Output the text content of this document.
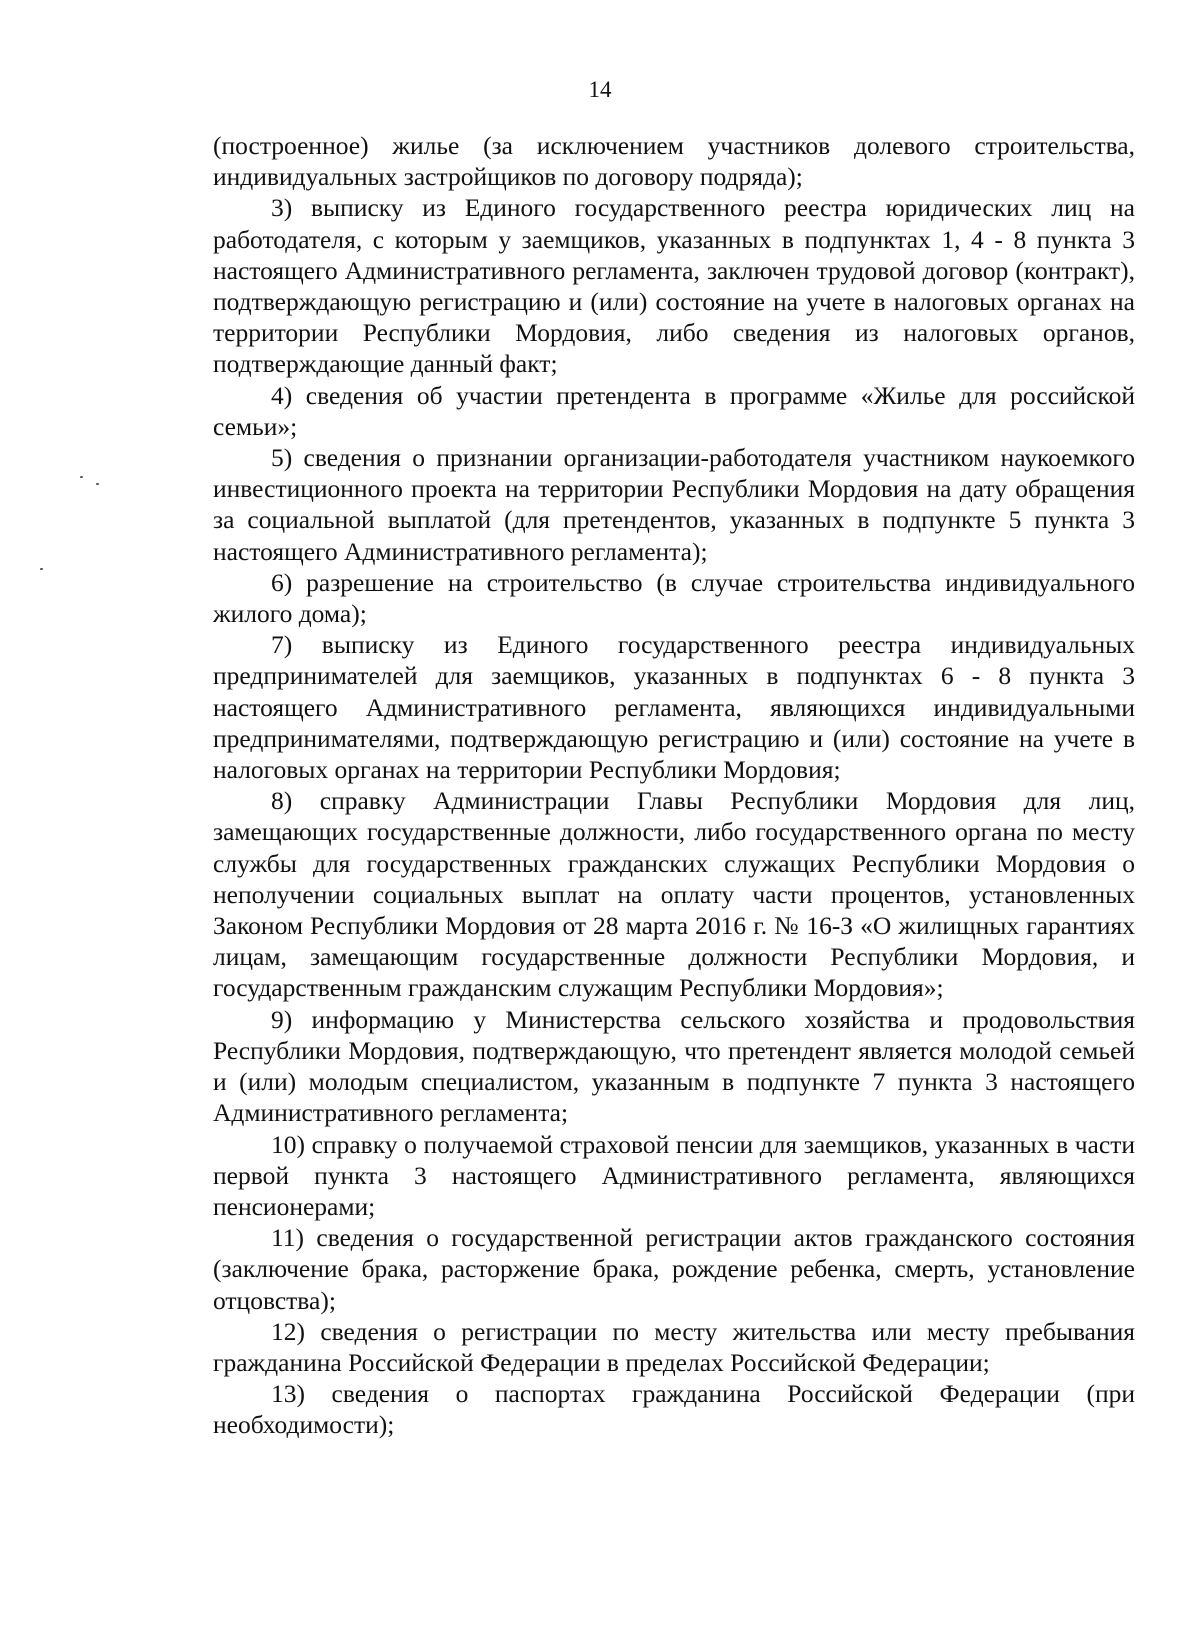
14

(построенное) жилье (за исключением участников долевого строительства, индивидуальных застройщиков по договору подряда);

3) выписку из Единого государственного реестра юридических лиц на работодателя, с которым у заемщиков, указанных в подпунктах 1, 4 - 8 пункта 3 настоящего Административного регламента, заключен трудовой договор (контракт), подтверждающую регистрацию и (или) состояние на учете в налоговых органах на территории Республики Мордовия, либо сведения из налоговых органов, подтверждающие данный факт;

4) сведения об участии претендента в программе «Жилье для российской семьи»;

5) сведения о признании организации-работодателя участником наукоемкого инвестиционного проекта на территории Республики Мордовия на дату обращения за социальной выплатой (для претендентов, указанных в подпункте 5 пункта 3 настоящего Административного регламента);

6) разрешение на строительство (в случае строительства индивидуального жилого дома);

7) выписку из Единого государственного реестра индивидуальных предпринимателей для заемщиков, указанных в подпунктах 6 - 8 пункта 3 настоящего Административного регламента, являющихся индивидуальными предпринимателями, подтверждающую регистрацию и (или) состояние на учете в налоговых органах на территории Республики Мордовия;

8) справку Администрации Главы Республики Мордовия для лиц, замещающих государственные должности, либо государственного органа по месту службы для государственных гражданских служащих Республики Мордовия о неполучении социальных выплат на оплату части процентов, установленных Законом Республики Мордовия от 28 марта 2016 г. № 16-З «О жилищных гарантиях лицам, замещающим государственные должности Республики Мордовия, и государственным гражданским служащим Республики Мордовия»;

9) информацию у Министерства сельского хозяйства и продовольствия Республики Мордовия, подтверждающую, что претендент является молодой семьей и (или) молодым специалистом, указанным в подпункте 7 пункта 3 настоящего Административного регламента;

10) справку о получаемой страховой пенсии для заемщиков, указанных в части первой пункта 3 настоящего Административного регламента, являющихся пенсионерами;

11) сведения о государственной регистрации актов гражданского состояния (заключение брака, расторжение брака, рождение ребенка, смерть, установление отцовства);

12) сведения о регистрации по месту жительства или месту пребывания гражданина Российской Федерации в пределах Российской Федерации;

13) сведения о паспортах гражданина Российской Федерации (при необходимости);
